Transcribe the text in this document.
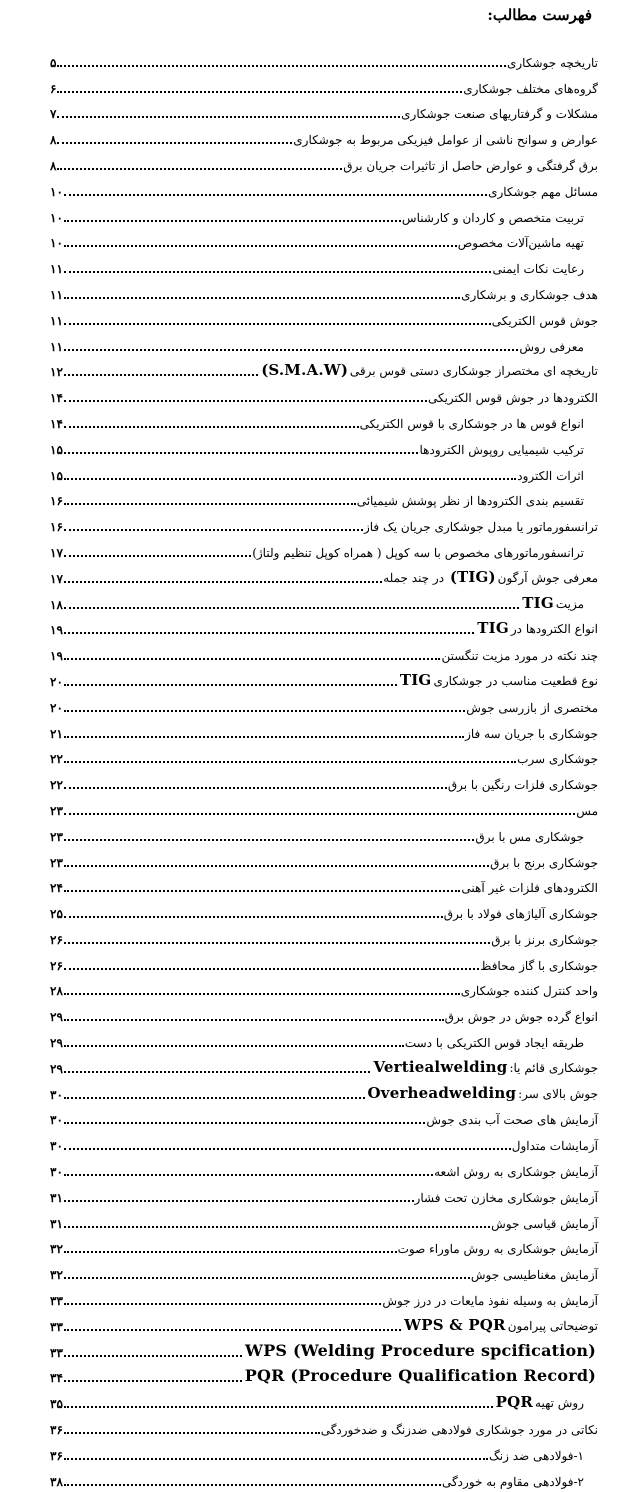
فهرست مطالب:
تاریخچه جوشکاری
۵
گروه‌های مختلف جوشکاری
۶
مشکلات و گرفتاریهای صنعت جوشکاری
۷
عوارض و سوانح ناشی از عوامل فیزیکی مربوط به جوشکاری
۸
برق گرفتگی و عوارض حاصل از تاثیرات جریان برق
۸
مسائل مهم جوشکاری
۱۰
تربیت متخصص و کاردان و کارشناس
۱۰
تهیه ماشین‌آلات مخصوص
۱۰
رعایت نکات ایمنی
۱۱
هدف جوشکاری و برشکاری
۱۱
جوش قوس الکتریکی
۱۱
معرفی روش
۱۱
تاریخچه ای مختصراز جوشکاری دستی قوس برقی(S.M.A.W)
۱۲
الکترودها در جوش قوس الکتریکی
۱۴
انواع قوس ها در جوشکاری با قوس الکتریکی
۱۴
ترکیب شیمیایی روپوش الکترودها
۱۵
اثرات الکترود
۱۵
تقسیم بندی الکترودها از نظر پوشش شیمیائی
۱۶
ترانسفورماتور یا مبدل جوشکاری جریان یک فاز
۱۶
ترانسفورماتورهای مخصوص با سه کوپل ( همراه کوپل تنظیم ولتاژ)
۱۷
معرفی جوش آرگون(TIG) در چند جمله
۱۷
مزیتTIG
۱۸
انواع الکترودها درTIG
۱۹
چند نکته در مورد مزیت تنگستن
۱۹
نوع قطعیت مناسب در جوشکاریTIG
۲۰
مختصری از بازرسی جوش
۲۰
جوشکاری با جریان سه فاز
۲۱
جوشکاری سرب
۲۲
جوشکاری فلزات رنگین با برق
۲۲
مس
۲۳
جوشکاری مس با برق
۲۳
جوشکاری برنج با برق
۲۳
الکترودهای فلزات غیر آهنی
۲۴
جوشکاری آلیاژهای فولاد با برق
۲۵
جوشکاری برنز با برق
۲۶
جوشکاری با گاز محافظ
۲۶
واحد کنترل کننده جوشکاری
۲۸
انواع گرده جوش در جوش برق
۲۹
طریقه ایجاد قوس الکتریکی با دست
۲۹
جوشکاری قائم یا:Vertiealwelding
۲۹
جوش بالای سر:Overheadwelding
۳۰
آزمایش های صحت آب بندی جوش
۳۰
آزمایشات متداول
۳۰
آزمایش جوشکاری به روش اشعه
۳۰
آزمایش جوشکاری مخازن تحت فشار
۳۱
آزمایش قیاسی جوش
۳۱
آزمایش جوشکاری به روش ماوراء صوت
۳۲
آزمایش مغناطیسی جوش
۳۲
آزمایش به وسیله نفوذ مایعات در درز جوش
۳۳
توضیحاتی پیرامونWPS & PQR
۳۳
WPS (Welding Procedure spcification)
۳۳
PQR (Procedure Qualification Record)
۳۴
روش تهیهPQR
۳۵
نکاتی در مورد جوشکاری فولادهی ضدزنگ و ضدخوردگی
۳۶
۱-فولادهی ضد زنگ
۳۶
۲-فولادهی مقاوم به خوردگی
۳۸
